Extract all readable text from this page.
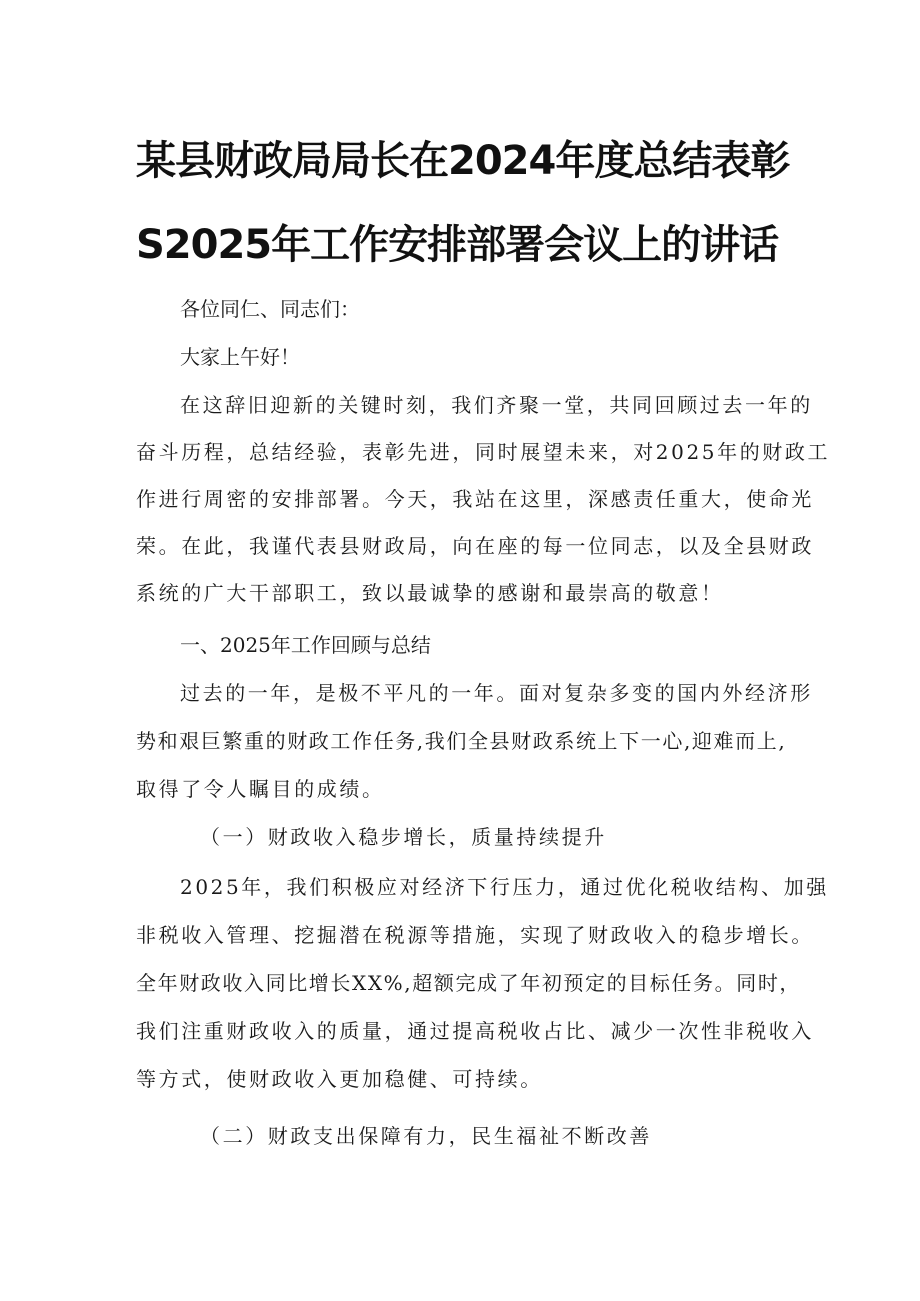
某县财政局局长在2024年度总结表彰
S2025年工作安排部署会议上的讲话

各位同仁、同志们：

大家上午好！

在这辞旧迎新的关键时刻，我们齐聚一堂，共同回顾过去一年的

奋斗历程，总结经验，表彰先进，同时展望未来，对2025年的财政工

作进行周密的安排部署。今天，我站在这里，深感责任重大，使命光

荣。在此，我谨代表县财政局，向在座的每一位同志，以及全县财政

系统的广大干部职工，致以最诚挚的感谢和最崇高的敬意！

一、2025年工作回顾与总结

过去的一年，是极不平凡的一年。面对复杂多变的国内外经济形

势和艰巨繁重的财政工作任务,我们全县财政系统上下一心,迎难而上,

取得了令人瞩目的成绩。

（一）财政收入稳步增长，质量持续提升

2025年，我们积极应对经济下行压力，通过优化税收结构、加强

非税收入管理、挖掘潜在税源等措施，实现了财政收入的稳步增长。

全年财政收入同比增长XX%,超额完成了年初预定的目标任务。同时，

我们注重财政收入的质量，通过提高税收占比、减少一次性非税收入

等方式，使财政收入更加稳健、可持续。

（二）财政支出保障有力，民生福祉不断改善
